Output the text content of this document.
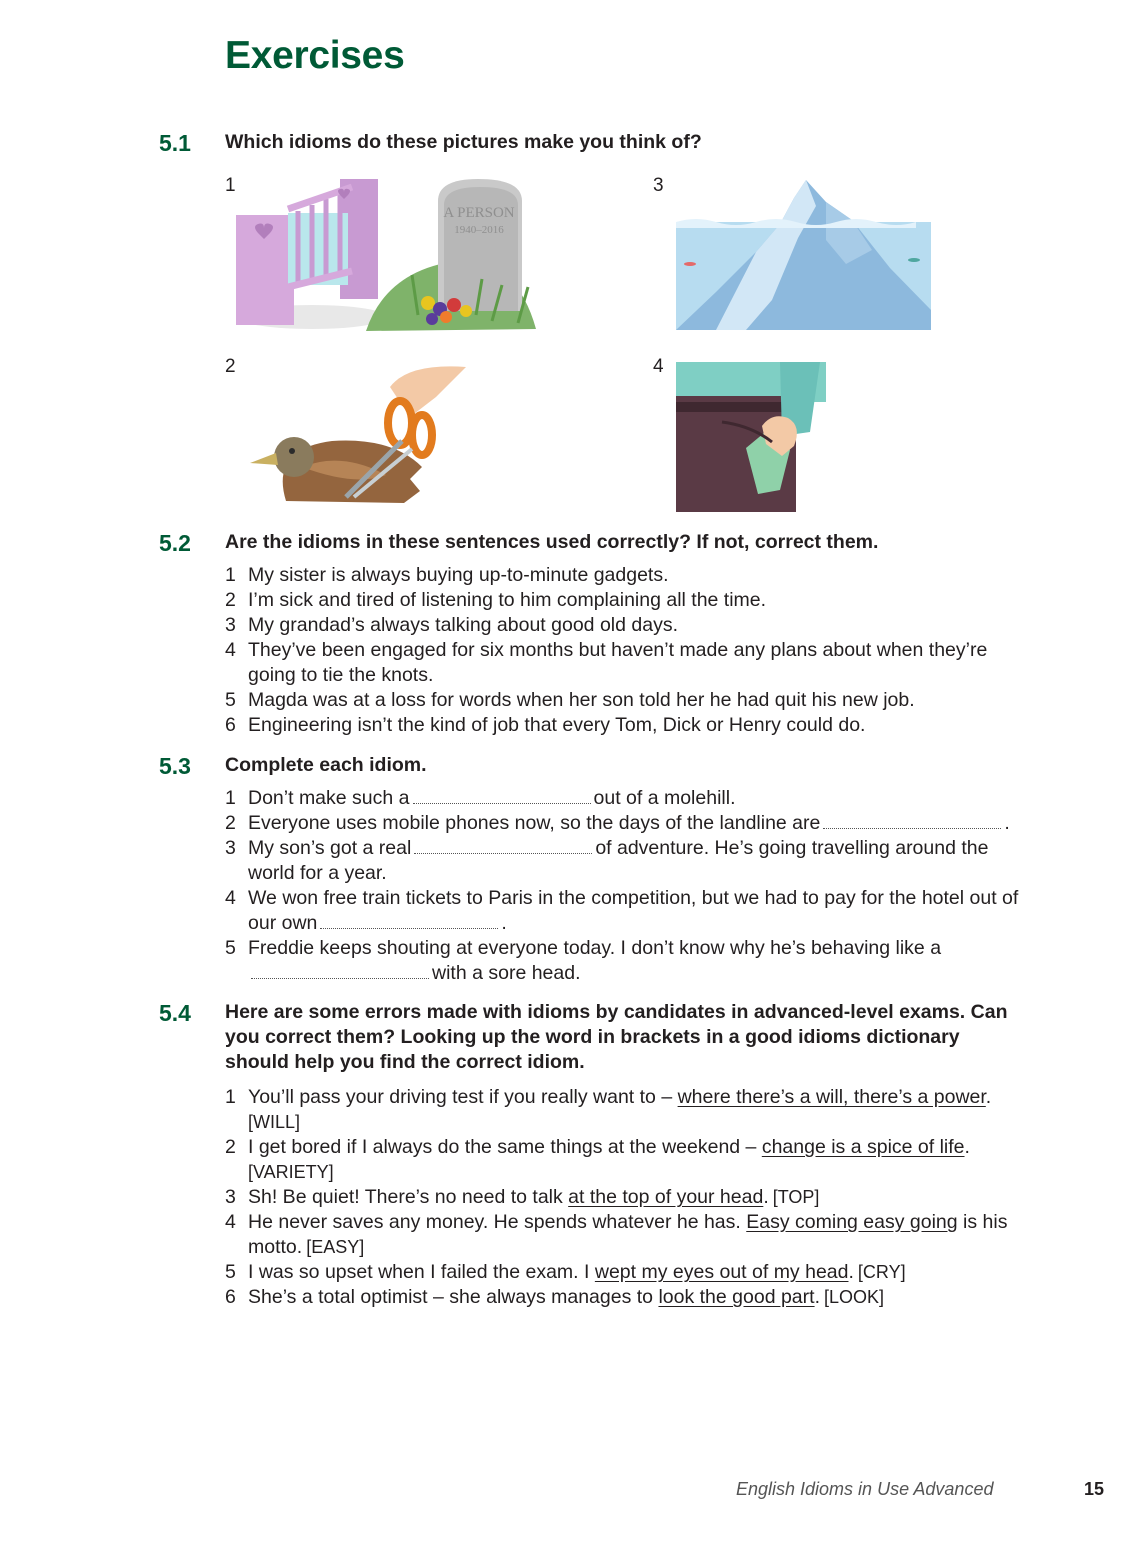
Exercises
5.1 Which idioms do these pictures make you think of?
1
A PERSON
1940–2016
3
2	4
5.2 Are the idioms in these sentences used correctly? If not, correct them.
1 My sister is always buying up-to-minute gadgets.
2 I’m sick and tired of listening to him complaining all the time.
3 My grandad’s always talking about good old days.
4 They’ve been engaged for six months but haven’t made any plans about when they’re going to tie the knots.
5 Magda was at a loss for words when her son told her he had quit his new job.
6 Engineering isn’t the kind of job that every Tom, Dick or Henry could do.
5.3 Complete each idiom.
1 Don’t make such a	out of a molehill.
2 Everyone uses mobile phones now, so the days of the landline are	.
3 My son’s got a real	of adventure. He’s going travelling around the world for a year.
4 We won free train tickets to Paris in the competition, but we had to pay for the hotel out of our own	.
5 Freddie keeps shouting at everyone today. I don’t know why he’s behaving like awith a sore head.
5.4 Here are some errors made with idioms by candidates in advanced-level exams. Can you correct them? Looking up the word in brackets in a good idioms dictionary should help you find the correct idiom.
1 You’ll pass your driving test if you really want to – where there’s a will, there’s a power.
[WILL]
2 I get bored if I always do the same things at the weekend – change is a spice of life.
[VARIETY]
3 Sh! Be quiet! There’s no need to talk at the top of your head. [TOP]
4 He never saves any money. He spends whatever he has. Easy coming easy going is his motto. [EASY]
5 I was so upset when I failed the exam. I wept my eyes out of my head. [CRY]
6 She’s a total optimist – she always manages to look the good part. [LOOK]
English Idioms in Use Advanced	15
